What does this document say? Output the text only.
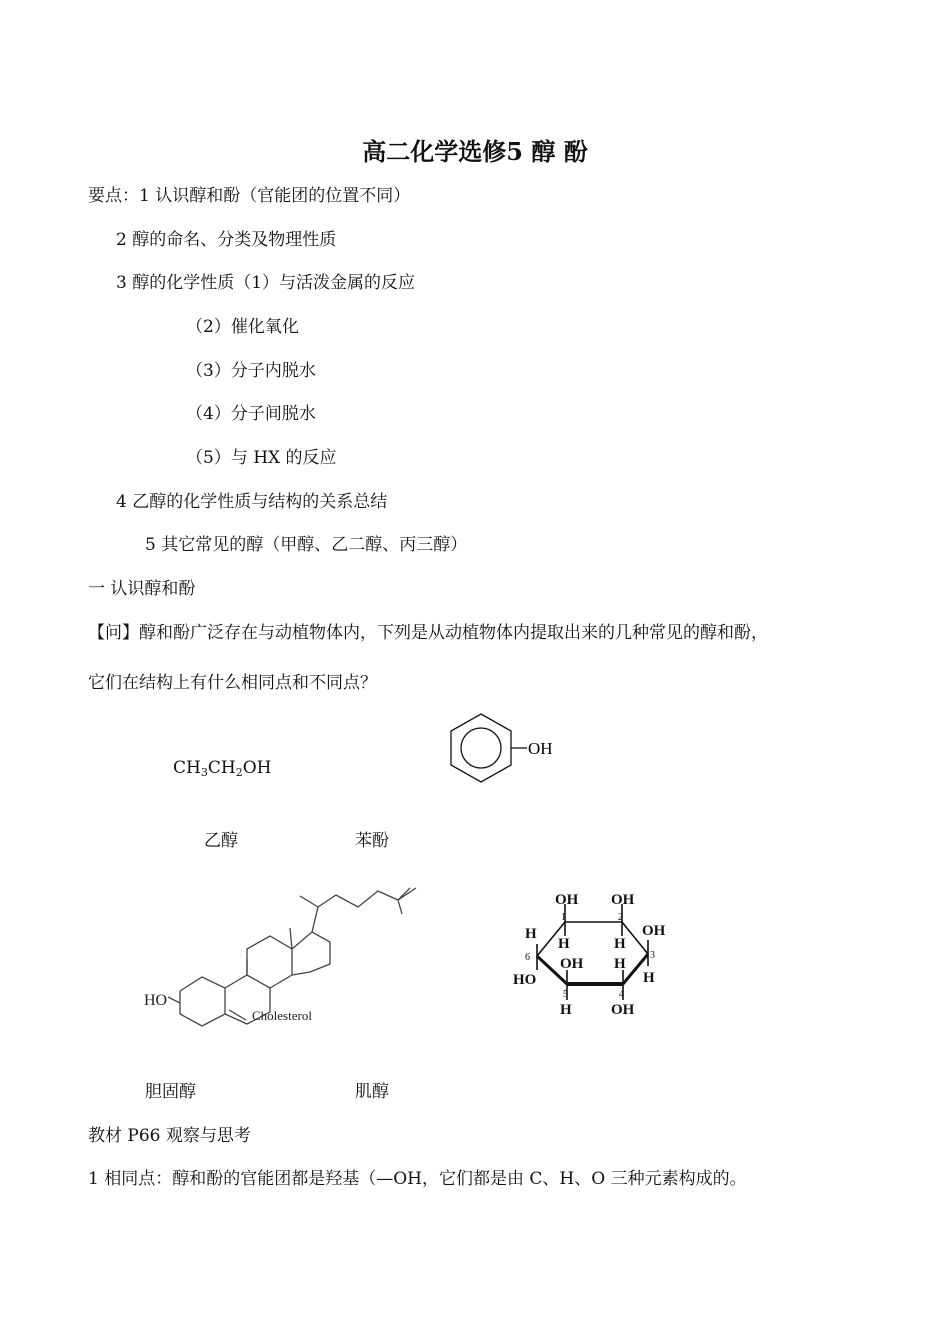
高二化学选修5 醇 酚
要点：1 认识醇和酚（官能团的位置不同）
2 醇的命名、分类及物理性质
3 醇的化学性质（1）与活泼金属的反应
（2）催化氧化
（3）分子内脱水
（4）分子间脱水
（5）与 HX 的反应
4 乙醇的化学性质与结构的关系总结
5 其它常见的醇（甲醇、乙二醇、丙三醇）
一 认识醇和酚
【问】醇和酚广泛存在与动植物体内，下列是从动植物体内提取出来的几种常见的醇和酚，
它们在结构上有什么相同点和不同点？
$CH_3CH_2OH$
OH
乙醇	苯酚
HO
Cholesterol
OH OH
OH
H
H	H
OH H
HO	H
H	OH
1	2
3
4
5
6
胆固醇	肌醇
教材 P66 观察与思考
1 相同点：醇和酚的官能团都是羟基（—OH，它们都是由 C、H、O 三种元素构成的。
